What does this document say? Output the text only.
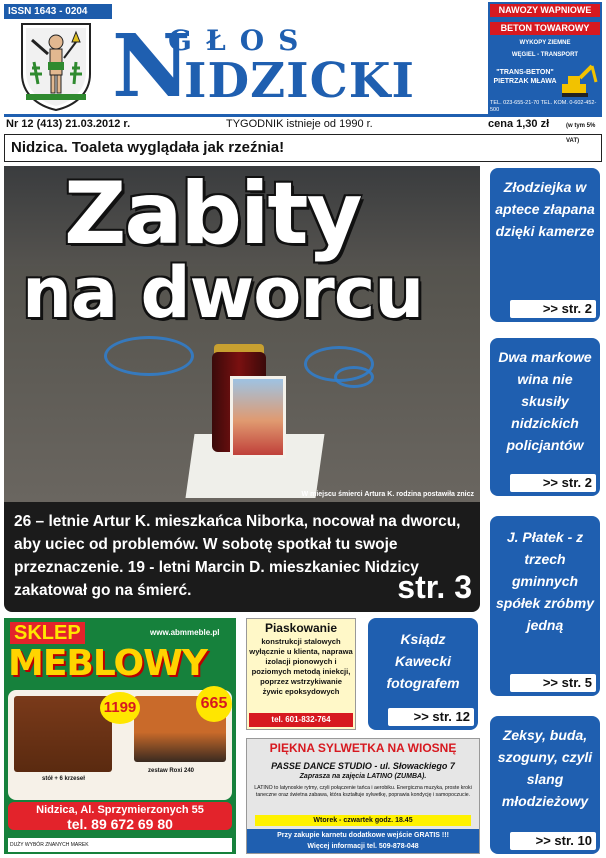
ISSN 1643 - 0204
N
GŁOS
IDZICKI
NAWOZY WAPNIOWE
BETON TOWAROWY
WYKOPY ZIEMNE
WĘGIEL - TRANSPORT
"TRANS-BETON" PIETRZAK MŁAWA
TEL. 023-655-21-70 TEL. KOM. 0-602-452-500
Nr 12 (413) 21.03.2012 r.	TYGODNIK istnieje od 1990 r.	cena 1,30 zł	(w tym 5% VAT)
Nidzica. Toaleta wyglądała jak rzeźnia!
Zabity
na dworcu
W miejscu śmierci Artura K. rodzina postawiła znicz
26 – letnie Artur K. mieszkańca Niborka, nocował na dworcu, aby uciec od problemów. W sobotę spotkał tu swoje przeznaczenie. 19 - letni Marcin D. mieszkaniec Nidzicy zakatował go na śmierć.	str. 3
Złodziejka w aptece złapana dzięki kamerze
>> str. 2
Dwa markowe wina nie skusiły nidzickich policjantów
>> str. 2
J. Płatek - z trzech gminnych spółek zróbmy jedną
>> str. 5
Ksiądz Kawecki fotografem
>> str. 12
Zeksy, buda, szoguny, czyli slang młodzieżowy
>> str. 10
SKLEP	www.abmmeble.pl
MEBLOWY
stół + 6 krzeseł
zestaw Roxi 240
1199	665
Nidzica, Al. Sprzymierzonych 55
tel. 89 672 69 80
DUŻY WYBÓR ZNANYCH MAREK
Piaskowanie
konstrukcji stalowych wyłącznie u klienta, naprawa izolacji pionowych i poziomych metodą iniekcji, poprzez wstrzykiwanie żywic epoksydowych
tel. 601-832-764
PIĘKNA SYLWETKA NA WIOSNĘ
PASSE DANCE STUDIO - ul. Słowackiego 7
Zaprasza na zajęcia LATINO (ZUMBA).
LATINO to latynoskie rytmy, czyli połączenie tańca i aerobiku. Energiczna muzyka, proste kroki taneczne oraz świetna zabawa, która kształtuje sylwetkę, poprawia kondycję i samopoczucie.
Wtorek - czwartek godz. 18.45
Przy zakupie karnetu dodatkowe wejście GRATIS !!!
Więcej informacji tel. 509-878-048
